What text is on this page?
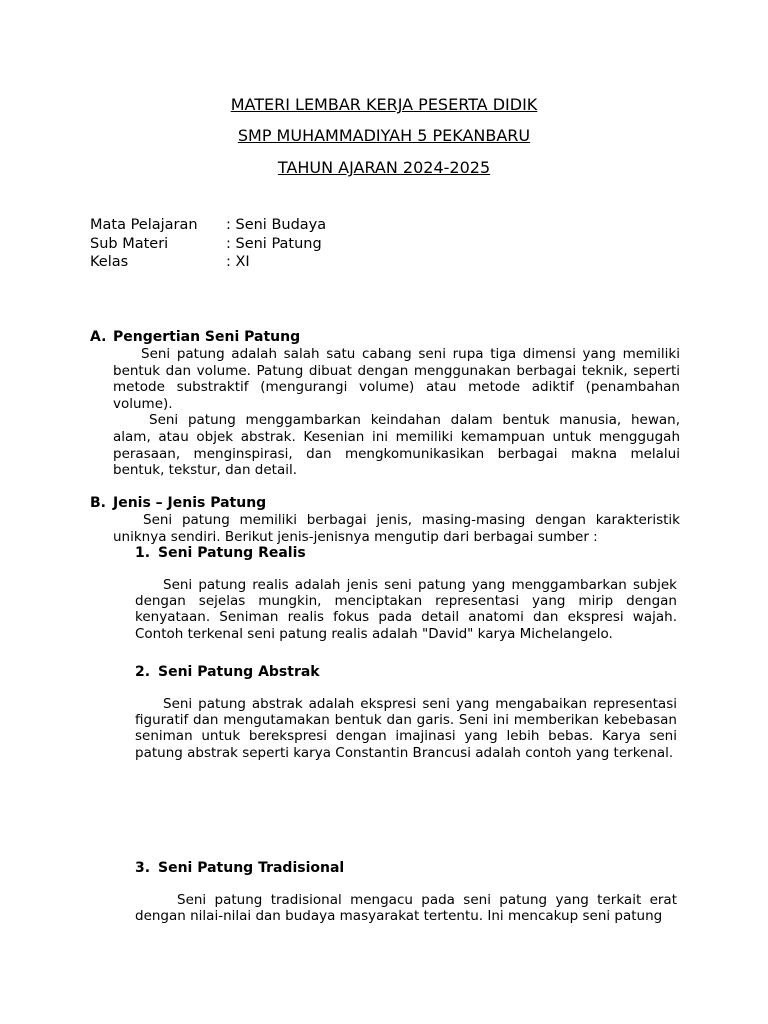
MATERI LEMBAR KERJA PESERTA DIDIK
SMP MUHAMMADIYAH 5 PEKANBARU
TAHUN AJARAN 2024-2025
Mata Pelajaran	: Seni Budaya
Sub Materi	: Seni Patung
Kelas	: XI
A. Pengertian Seni Patung

Seni patung adalah salah satu cabang seni rupa tiga dimensi yang memiliki bentuk dan volume. Patung dibuat dengan menggunakan berbagai teknik, seperti metode substraktif (mengurangi volume) atau metode adiktif (penambahan volume).

Seni patung menggambarkan keindahan dalam bentuk manusia, hewan, alam, atau objek abstrak. Kesenian ini memiliki kemampuan untuk menggugah perasaan, menginspirasi, dan mengkomunikasikan berbagai makna melalui bentuk, tekstur, dan detail.

B. Jenis – Jenis Patung

Seni patung memiliki berbagai jenis, masing-masing dengan karakteristik uniknya sendiri. Berikut jenis-jenisnya mengutip dari berbagai sumber :

1. Seni Patung Realis

Seni patung realis adalah jenis seni patung yang menggambarkan subjek dengan sejelas mungkin, menciptakan representasi yang mirip dengan kenyataan. Seniman realis fokus pada detail anatomi dan ekspresi wajah. Contoh terkenal seni patung realis adalah "David" karya Michelangelo.

2. Seni Patung Abstrak

Seni patung abstrak adalah ekspresi seni yang mengabaikan representasi figuratif dan mengutamakan bentuk dan garis. Seni ini memberikan kebebasan seniman untuk berekspresi dengan imajinasi yang lebih bebas. Karya seni patung abstrak seperti karya Constantin Brancusi adalah contoh yang terkenal.

3. Seni Patung Tradisional

Seni patung tradisional mengacu pada seni patung yang terkait erat dengan nilai-nilai dan budaya masyarakat tertentu. Ini mencakup seni patung
